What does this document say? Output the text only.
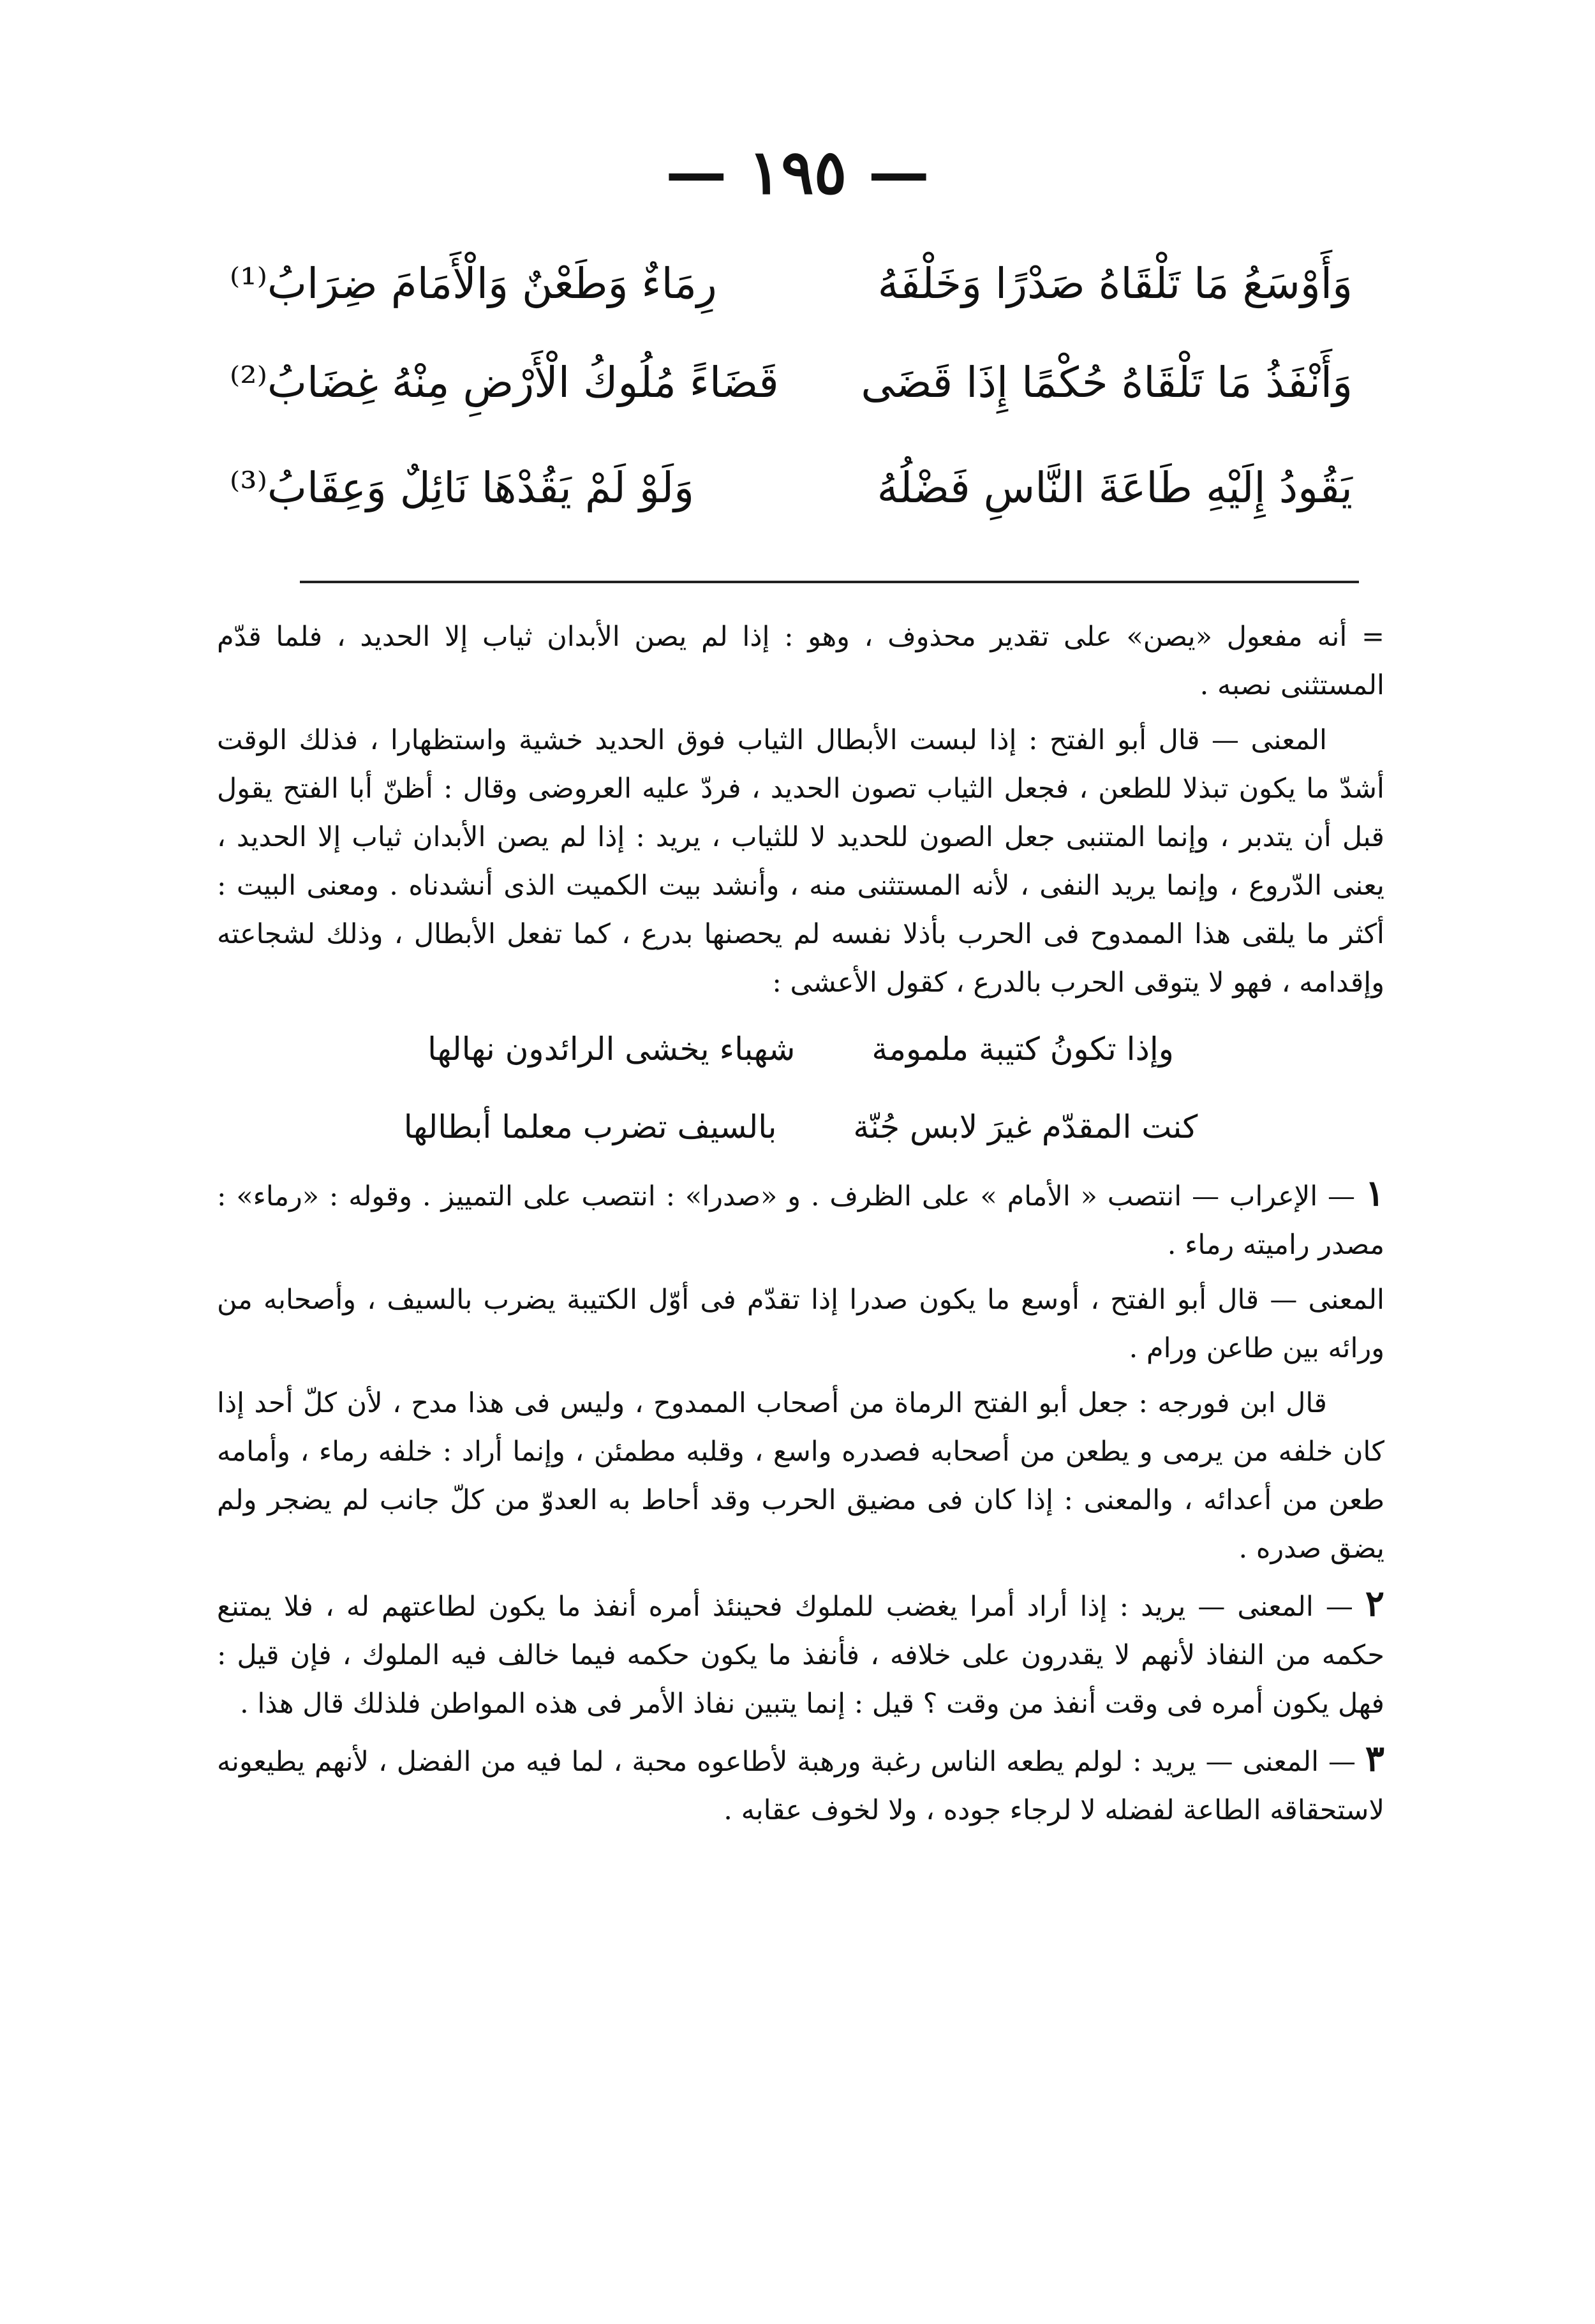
— ١٩٥ —
وَأَوْسَعُ مَا تَلْقَاهُ صَدْرًا وَخَلْفَهُ
رِمَاءٌ وَطَعْنٌ وَالْأَمَامَ ضِرَابُ⁽¹⁾
وَأَنْفَذُ مَا تَلْقَاهُ حُكْمًا إِذَا قَضَى
قَضَاءً مُلُوكُ الْأَرْضِ مِنْهُ غِضَابُ⁽²⁾
يَقُودُ إِلَيْهِ طَاعَةَ النَّاسِ فَضْلُهُ
وَلَوْ لَمْ يَقُدْهَا نَائِلٌ وَعِقَابُ⁽³⁾

= أنه مفعول «يصن» على تقدير محذوف ، وهو : إذا لم يصن الأبدان ثياب إلا الحديد ، فلما قدّم المستثنى نصبه .

المعنى — قال أبو الفتح : إذا لبست الأبطال الثياب فوق الحديد خشية واستظهارا ، فذلك الوقت أشدّ ما يكون تبذلا للطعن ، فجعل الثياب تصون الحديد ، فردّ عليه العروضى وقال : أظنّ أبا الفتح يقول قبل أن يتدبر ، وإنما المتنبى جعل الصون للحديد لا للثياب ، يريد : إذا لم يصن الأبدان ثياب إلا الحديد ، يعنى الدّروع ، وإنما يريد النفى ، لأنه المستثنى منه ، وأنشد بيت الكميت الذى أنشدناه . ومعنى البيت : أكثر ما يلقى هذا الممدوح فى الحرب بأذلا نفسه لم يحصنها بدرع ، كما تفعل الأبطال ، وذلك لشجاعته وإقدامه ، فهو لا يتوقى الحرب بالدرع ، كقول الأعشى :

وإذا تكونُ كتيبة ملمومة
شهباء يخشى الرائدون نهالها
كنت المقدّم غيرَ لابس جُنّة
بالسيف تضرب معلما أبطالها

١ — الإعراب — انتصب « الأمام » على الظرف . و «صدرا» : انتصب على التمييز . وقوله : «رماء» : مصدر راميته رماء .

المعنى — قال أبو الفتح ، أوسع ما يكون صدرا إذا تقدّم فى أوّل الكتيبة يضرب بالسيف ، وأصحابه من ورائه بين طاعن ورام .

قال ابن فورجه : جعل أبو الفتح الرماة من أصحاب الممدوح ، وليس فى هذا مدح ، لأن كلّ أحد إذا كان خلفه من يرمى و يطعن من أصحابه فصدره واسع ، وقلبه مطمئن ، وإنما أراد : خلفه رماء ، وأمامه طعن من أعدائه ، والمعنى : إذا كان فى مضيق الحرب وقد أحاط به العدوّ من كلّ جانب لم يضجر ولم يضق صدره .

٢ — المعنى — يريد : إذا أراد أمرا يغضب للملوك فحينئذ أمره أنفذ ما يكون لطاعتهم له ، فلا يمتنع حكمه من النفاذ لأنهم لا يقدرون على خلافه ، فأنفذ ما يكون حكمه فيما خالف فيه الملوك ، فإن قيل : فهل يكون أمره فى وقت أنفذ من وقت ؟ قيل : إنما يتبين نفاذ الأمر فى هذه المواطن فلذلك قال هذا .

٣ — المعنى — يريد : لولم يطعه الناس رغبة ورهبة لأطاعوه محبة ، لما فيه من الفضل ، لأنهم يطيعونه لاستحقاقه الطاعة لفضله لا لرجاء جوده ، ولا لخوف عقابه .
